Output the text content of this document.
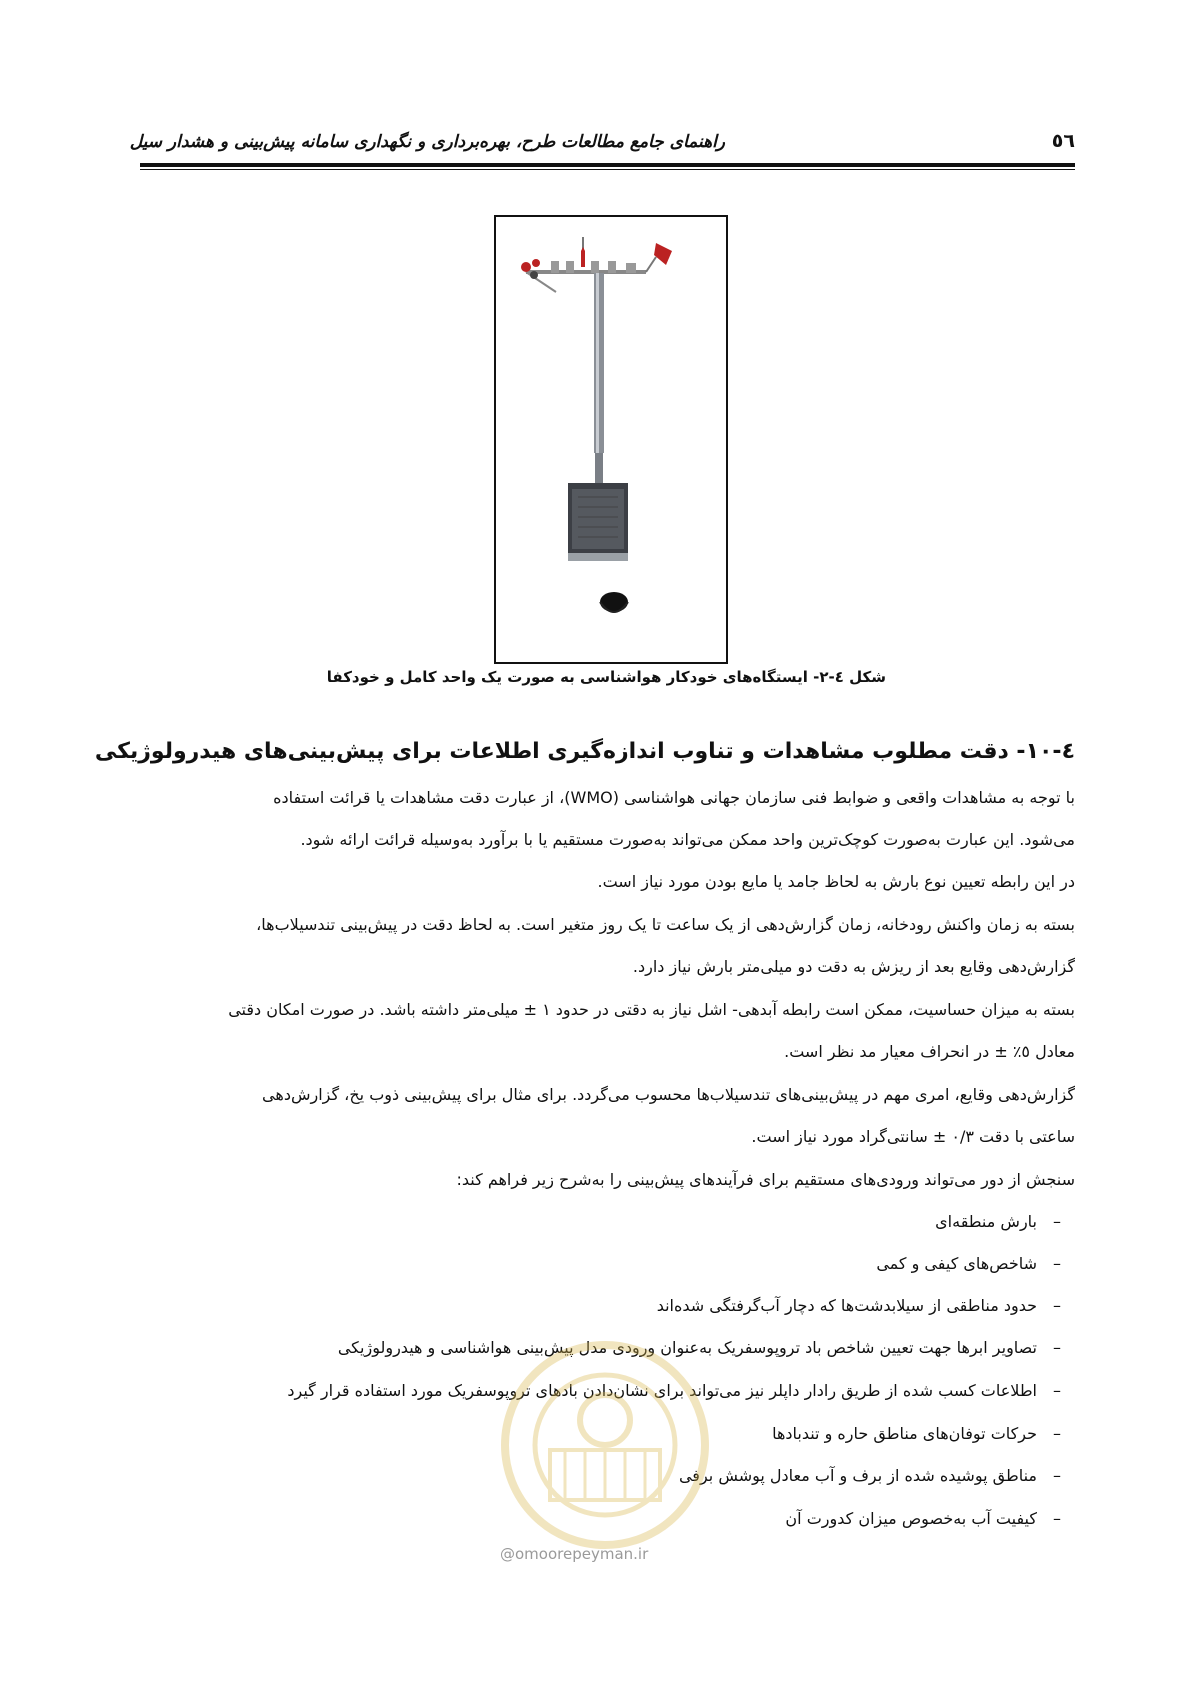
راهنمای جامع مطالعات طرح، بهره‌برداری و نگهداری سامانه پیش‌بینی و هشدار سیل	٥٦
شکل ٤-٢- ایستگاه‌های خودکار هواشناسی به صورت یک واحد کامل و خودکفا
٤-١٠- دقت مطلوب مشاهدات و تناوب اندازه‌گیری اطلاعات برای پیش‌بینی‌های هیدرولوژیکی
با توجه به مشاهدات واقعی و ضوابط فنی سازمان جهانی هواشناسی (WMO)، از عبارت دقت مشاهدات یا قرائت استفاده
می‌شود. این عبارت به‌صورت کوچک‌ترین واحد ممکن می‌تواند به‌صورت مستقیم یا با برآورد به‌وسیله قرائت ارائه شود.
در این رابطه تعیین نوع بارش به لحاظ جامد یا مایع بودن مورد نیاز است.
بسته به زمان واکنش رودخانه، زمان گزارش‌دهی از یک ساعت تا یک روز متغیر است. به لحاظ دقت در پیش‌بینی تندسیلاب‌ها،
گزارش‌دهی وقایع بعد از ریزش به دقت دو میلی‌متر بارش نیاز دارد.
بسته به میزان حساسیت، ممکن است رابطه آبدهی- اشل نیاز به دقتی در حدود ١ ± میلی‌متر داشته باشد. در صورت امکان دقتی
معادل ٥٪ ± در انحراف معیار مد نظر است.
گزارش‌دهی وقایع، امری مهم در پیش‌بینی‌های تندسیلاب‌ها محسوب می‌گردد. برای مثال برای پیش‌بینی ذوب یخ، گزارش‌دهی
ساعتی با دقت ٠/٣ ± سانتی‌گراد مورد نیاز است.
سنجش از دور می‌تواند ورودی‌های مستقیم برای فرآیندهای پیش‌بینی را به‌شرح زیر فراهم کند:
–بارش منطقه‌ای
–شاخص‌های کیفی و کمی
–حدود مناطقی از سیلابدشت‌ها که دچار آب‌گرفتگی شده‌اند
–تصاویر ابرها جهت تعیین شاخص باد تروپوسفریک به‌عنوان ورودی مدل پیش‌بینی هواشناسی و هیدرولوژیکی
–اطلاعات کسب شده از طریق رادار داپلر نیز می‌تواند برای نشان‌دادن بادهای تروپوسفریک مورد استفاده قرار گیرد
–حرکات توفان‌های مناطق حاره و تندبادها
–مناطق پوشیده شده از برف و آب معادل پوشش برفی
–کیفیت آب به‌خصوص میزان کدورت آن
@omoorepeyman.ir
